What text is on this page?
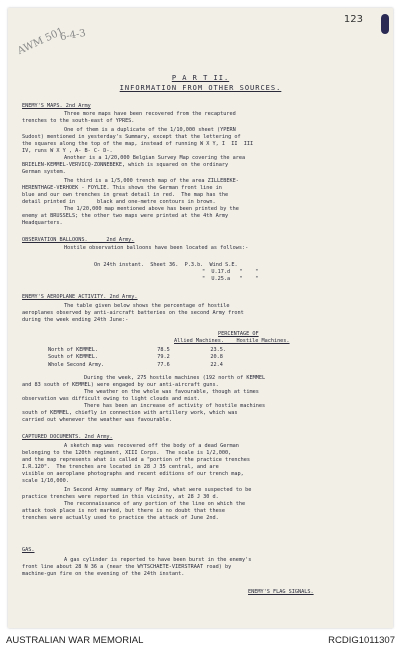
AWM 501
6-4-3
123
P A R T II.
INFORMATION FROM OTHER SOURCES.
ENEMY'S MAPS. 2nd Army
Three more maps have been recovered from the recaptured
trenches to the south-east of YPRES.
One of them is a duplicate of the 1/10,000 sheet (YPERN
Sudost) mentioned in yesterday's Summary, except that the lettering of
the squares along the top of the map, instead of running W X Y, I  II  III
IV, runs W X Y , A- B- C- D-.
Another is a 1/20,000 Belgian Survey Map covering the area
BRIELEN-KEMMEL-VERVICQ-ZONNEBEKE, which is squared on the ordinary
German system.
The third is a 1/5,000 trench map of the area ZILLEBEKE-
HERENTHAGE-VERHOEK - FOYLIE. This shows the German front line in
blue and our own trenches in great detail in red.  The map has the
detail printed in       black and one-metre contours in brown.
The 1/20,000 map mentioned above has been printed by the
enemy at BRUSSELS; the other two maps were printed at the 4th Army
Headquarters.
OBSERVATION BALLOONS.      2nd Army.
Hostile observation balloons have been located as follows:-
On 24th instant.  Sheet 36.  P.3.b.  Wind S.E.
"  U.17.d   "    "
"  U.25.a   "    "
ENEMY'S AEROPLANE ACTIVITY. 2nd Army.
The table given below shows the percentage of hostile
aeroplanes observed by anti-aircraft batteries on the second Army front
during the week ending 24th June:-
PERCENTAGE OF
Allied Machines.    Hostile Machines.
North of KEMMEL.                   78.5             23.5.
South of KEMMEL.                   79.2             20.8
Whole Second Army.                 77.6             22.4
During the week, 275 hostile machines (192 north of KEMMEL
and 83 south of KEMMEL) were engaged by our anti-aircraft guns.
The weather on the whole was favourable, though at times
observation was difficult owing to light clouds and mist.
There has been an increase of activity of hostile machines
south of KEMMEL, chiefly in connection with artillery work, which was
carried out whenever the weather was favourable.
CAPTURED DOCUMENTS. 2nd Army.
A sketch map was recovered off the body of a dead German
belonging to the 120th regiment, XIII Corps.  The scale is 1/2,000,
and the map represents what is called a "portion of the practice trenches
I.R.120".  The trenches are located in 28 J 35 central, and are
visible on aeroplane photographs and recent editions of our trench map,
scale 1/10,000.
In Second Army summary of May 2nd, what were suspected to be
practice trenches were reported in this vicinity, at 28 J 30 d.
The reconnaissance of any portion of the line on which the
attack took place is not marked, but there is no doubt that these
trenches were actually used to practice the attack of June 2nd.
GAS.
A gas cylinder is reported to have been burst in the enemy's
front line about 28 N 36 a (near the WYTSCHAETE-VIERSTRAAT road) by
machine-gun fire on the evening of the 24th instant.
ENEMY'S FLAG SIGNALS.
AUSTRALIAN WAR MEMORIAL	RCDIG1011307
